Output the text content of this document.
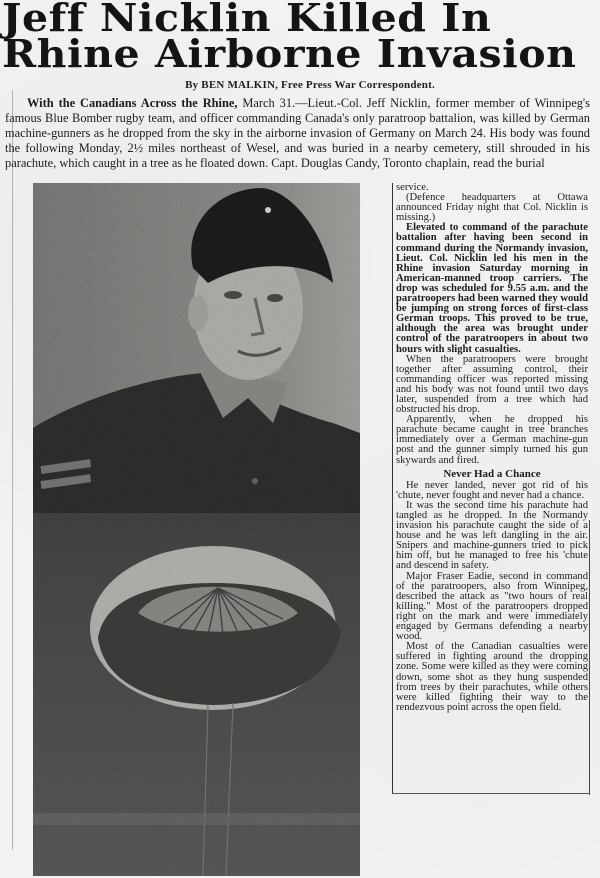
Jeff Nicklin Killed In
Rhine Airborne Invasion
By BEN MALKIN, Free Press War Correspondent.

With the Canadians Across the Rhine, March 31.—Lieut.-Col. Jeff Nicklin, former member of Winnipeg's famous Blue Bomber rugby team, and officer commanding Canada's only paratroop battalion, was killed by German machine-gunners as he dropped from the sky in the airborne invasion of Germany on March 24. His body was found the following Monday, 2½ miles northeast of Wesel, and was buried in a nearby cemetery, still shrouded in his parachute, which caught in a tree as he floated down. Capt. Douglas Candy, Toronto chaplain, read the burial

service.

(Defence headquarters at Ottawa announced Friday night that Col. Nicklin is missing.)

Elevated to command of the parachute battalion after having been second in command during the Normandy invasion, Lieut. Col. Nicklin led his men in the Rhine invasion Saturday morning in American-manned troop carriers. The drop was scheduled for 9.55 a.m. and the paratroopers had been warned they would be jumping on strong forces of first-class German troops. This proved to be true, although the area was brought under control of the paratroopers in about two hours with slight casualties.

When the paratroopers were brought together after assuming control, their commanding officer was reported missing and his body was not found until two days later, suspended from a tree which had obstructed his drop.

Apparently, when he dropped his parachute became caught in tree branches immediately over a German machine-gun post and the gunner simply turned his gun skywards and fired.

Never Had a Chance

He never landed, never got rid of his 'chute, never fought and never had a chance.

It was the second time his parachute had tangled as he dropped. In the Normandy invasion his parachute caught the side of a house and he was left dangling in the air. Snipers and machine-gunners tried to pick him off, but he managed to free his 'chute and descend in safety.

Major Fraser Eadie, second in command of the paratroopers, also from Winnipeg, described the attack as "two hours of real killing." Most of the paratroopers dropped right on the mark and were immediately engaged by Germans defending a nearby wood.

Most of the Canadian casualties were suffered in fighting around the dropping zone. Some were killed as they were coming down, some shot as they hung suspended from trees by their parachutes, while others were killed fighting their way to the rendezvous point across the open field.
